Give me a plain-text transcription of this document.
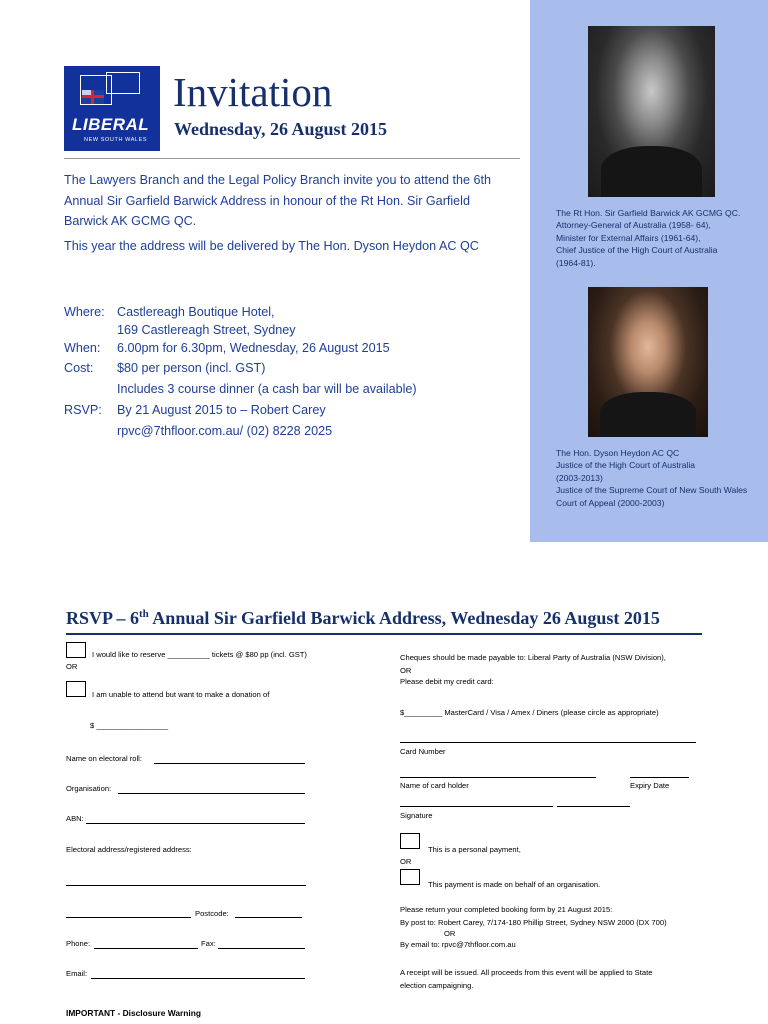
The Rt Hon. Sir Garfield Barwick AK GCMG QC.
Attorney-General of Australia (1958- 64),
Minister for External Affairs (1961-64),
Chief Justice of the High Court of Australia
(1964-81).
The Hon. Dyson Heydon AC QC
Justice of the High Court of Australia
(2003-2013)
Justice of the Supreme Court of New South Wales
Court of Appeal (2000-2003)
LIBERAL
NEW SOUTH WALES
Invitation
Wednesday, 26 August 2015
The Lawyers Branch and the Legal Policy Branch invite you to attend the 6th Annual Sir Garfield Barwick Address in honour of the Rt Hon. Sir Garfield Barwick AK GCMG QC.
This year the address will be delivered by The Hon. Dyson Heydon AC QC
Where: Castlereagh Boutique Hotel,
169 Castlereagh Street, Sydney
When: 6.00pm for 6.30pm, Wednesday, 26 August 2015
Cost: $80 per person (incl. GST)
Includes 3 course dinner (a cash bar will be available)
RSVP: By 21 August 2015 to – Robert Carey
rpvc@7thfloor.com.au/ (02) 8228 2025
RSVP – 6th Annual Sir Garfield Barwick Address, Wednesday 26 August 2015
I would like to reserve __________ tickets @ $80 pp (incl. GST)
OR
I am unable to attend but want to make a donation of
$ _________________
Name on electoral roll:
Organisation:
ABN:
Electoral address/registered address:
Postcode:
Phone:	Fax:
Email:
Cheques should be made payable to: Liberal Party of Australia (NSW Division),
OR
Please debit my credit card:
$_________ MasterCard / Visa / Amex / Diners (please circle as appropriate)
Card Number
Name of card holder	Expiry Date
Signature
This is a personal payment,
OR
This payment is made on behalf of an organisation.
Please return your completed booking form by 21 August 2015:
By post to: Robert Carey, 7/174-180 Phillip Street, Sydney NSW 2000 (DX 700)
OR
By email to: rpvc@7thfloor.com.au
A receipt will be issued. All proceeds from this event will be applied to State
election campaigning.
IMPORTANT - Disclosure Warning
